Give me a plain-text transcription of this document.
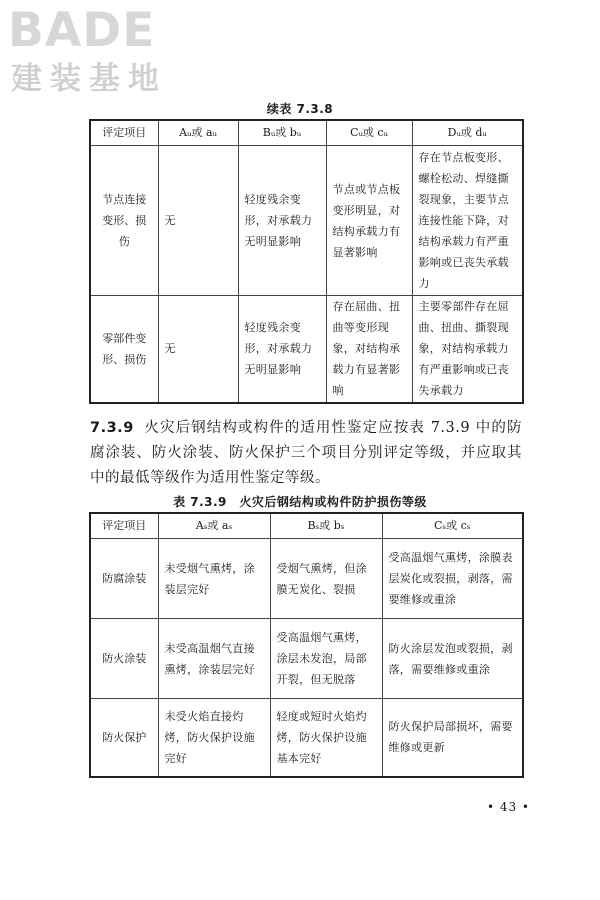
BADE
建装基地
续表 7.3.8
评定项目	Aᵤ或 aᵤ	Bᵤ或 bᵤ	Cᵤ或 cᵤ	Dᵤ或 dᵤ
节点连接变形、损伤	无	轻度残余变形，对承载力无明显影响	节点或节点板变形明显，对结构承载力有显著影响	存在节点板变形、螺栓松动、焊缝撕裂现象，主要节点连接性能下降，对结构承载力有严重影响或已丧失承载力
零部件变形、损伤	无	轻度残余变形，对承载力无明显影响	存在屈曲、扭曲等变形现象，对结构承载力有显著影响	主要零部件存在屈曲、扭曲、撕裂现象，对结构承载力有严重影响或已丧失承载力
7.3.9 火灾后钢结构或构件的适用性鉴定应按表 7.3.9 中的防腐涂装、防火涂装、防火保护三个项目分别评定等级，并应取其中的最低等级作为适用性鉴定等级。
表 7.3.9　火灾后钢结构或构件防护损伤等级
评定项目	Aₛ或 aₛ	Bₛ或 bₛ	Cₛ或 cₛ
防腐涂装	未受烟气熏烤，涂装层完好	受烟气熏烤，但涂膜无炭化、裂损	受高温烟气熏烤，涂膜表层炭化或裂损，剥落，需要维修或重涂
防火涂装	未受高温烟气直接熏烤，涂装层完好	受高温烟气熏烤，涂层未发泡，局部开裂，但无脱落	防火涂层发泡或裂损，剥落，需要维修或重涂
防火保护	未受火焰直接灼烤，防火保护设施完好	轻度或短时火焰灼烤，防火保护设施基本完好	防火保护局部损坏，需要维修或更新
• 43 •
